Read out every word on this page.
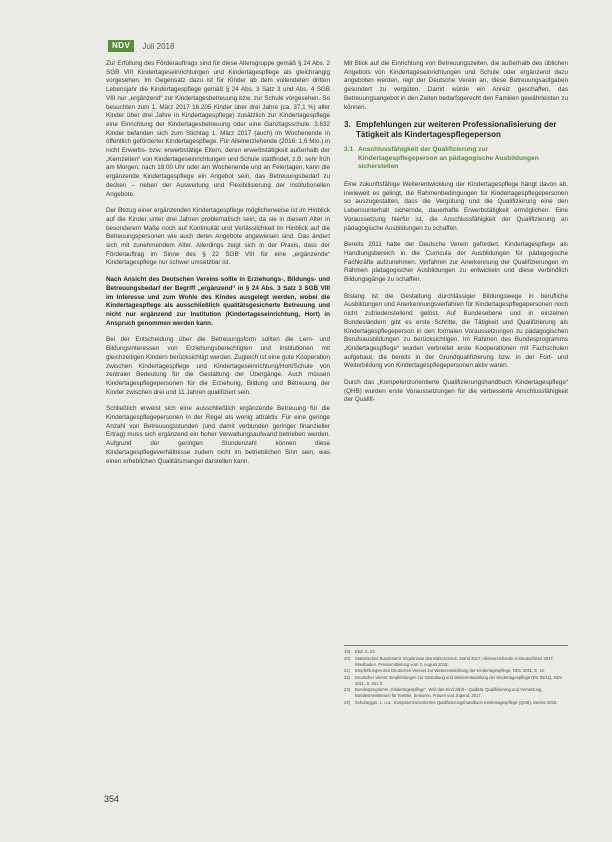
NDV	Juli 2018

Zur Erfüllung des Förderauftrags sind für diese Altersgruppe gemäß § 24 Abs. 2 SGB VIII Kindertageseinrichtungen und Kindertagespflege als gleichrangig vorgesehen. Im Gegensatz dazu ist für Kinder ab dem vollendeten dritten Lebensjahr die Kindertagespflege gemäß § 24 Abs. 3 Satz 3 und Abs. 4 SGB VIII nur „ergänzend“ zur Kindertagesbetreuung bzw. zur Schule vorgesehen. So besuchten zum 1. März 2017 16.205 Kinder über drei Jahre (ca. 37,1 %) aller Kinder über drei Jahre in Kindertagespflege) zusätzlich zur Kindertagespflege eine Einrichtung der Kindertagesbetreuung oder eine Ganztagsschule. 3.632 Kinder befanden sich zum Stichtag 1. März 2017 (auch) im Wochenende in öffentlich geförderter Kindertagespflege. Für Alleinerziehende (2016: 1,6 Mio.) in nicht Erwerbs- bzw. erwerbstätige Eltern, deren erwerbstätigkeit außerhalb der „Kernzeiten“ von Kindertageseinrichtungen und Schule stattfindet, z.B. sehr früh am Morgen, nach 18:00 Uhr oder am Wochenende und an Feiertagen, kann die ergänzende Kindertagespflege ein Angebot sein, das Betreuungsbedarf zu decken – neben der Ausweitung und Flexibilisierung der institutionellen Angebote.

Der Bezug einer ergänzenden Kindertagespflege möglicherweise ist im Hinblick auf die Kinder unter drei Jahren problematisch sein, da sie in diesem Alter in besonderem Maße noch auf Kontinuität und Verlässlichkeit im Hinblick auf die Betreuungspersonen wie auch deren Angebote angewiesen sind. Das ändert sich mit zunehmendem Alter. Allerdings zeigt sich in der Praxis, dass der Förderauftrag im Sinne des § 22 SGB VIII für eine „ergänzende“ Kindertagespflege nur schwer umsetzbar ist.

Nach Ansicht des Deutschen Vereins sollte in Erziehungs-, Bildungs- und Betreuungsbedarf der Begriff „ergänzend“ in § 24 Abs. 3 Satz 3 SGB VIII im Interesse und zum Wohle des Kindes ausgelegt werden, wobei die Kindertagespflege als ausschließlich qualitätsgesicherte Betreuung und nicht nur ergänzend zur Institution (Kindertageseinrichtung, Hort) in Anspruch genommen werden kann.

Bei der Entscheidung über die Betreuungsform sollten die Lern- und Bildungsinteressen von Erziehungsberechtigten und Institutionen mit gleichzeitigen Kindern berücksichtigt werden. Zugleich ist eine gute Kooperation zwischen Kindertagespflege und Kindertageseinrichtung/Hort/Schule von zentraler Bedeutung für die Gestaltung der Übergänge. Auch müssen Kindertagespflegepersonen für die Erziehung, Bildung und Betreuung der Kinder zwischen drei und 11 Jahren qualifiziert sein.

Schließlich erweist sich eine ausschließlich ergänzende Betreuung für die Kindertagespflegepersonen in der Regel als wenig attraktiv. Für eine geringe Anzahl von Betreuungsstunden (und damit verbunden geringer finanzieller Ertrag) muss sich ergänzend ein hoher Verwaltungsaufwand betrieben werden. Aufgrund der geringen Stundenzahl können diese Kindertagespflegeverhältnisse zudem nicht im betrieblichen Sinn sein, was einen erheblichen Qualitätsmangel darstellen kann.

Mit Blick auf die Einrichtung von Betreuungszeiten, die außerhalb des üblichen Angebots von Kindertageseinrichtungen und Schule oder ergänzend dazu angeboten werden, regt der Deutsche Verein an, diese Betreuungsaufgaben gesondert zu vergüten. Damit würde ein Anreiz geschaffen, das Betreuungsangebot in den Zeiten bedarfsgerecht den Familien gewährleisten zu können.

3. Empfehlungen zur weiteren Professionalisierung der Tätigkeit als Kindertagespflegeperson
3.1 Anschlussfähigkeit der Qualifizierung zur Kindertagespflegeperson an pädagogische Ausbildungen sicherstellen

Eine zukunftsfähige Weiterentwicklung der Kindertagespflege hängt davon ab, inwieweit es gelingt, die Rahmenbedingungen für Kindertagespflegepersonen so auszugestalten, dass die Vergütung und die Qualifizierung eine den Lebensunterhalt sichernde, dauerhafte Erwerbstätigkeit ermöglichen. Eine Voraussetzung hierfür ist, die Anschlussfähigkeit der Qualifizierung an pädagogische Ausbildungen zu schaffen.

Bereits 2011 hatte der Deutsche Verein gefordert, Kindertagespflege als Handlungsbereich in die Curricula der Ausbildungen für pädagogische Fachkräfte aufzunehmen. Verfahren zur Anerkennung der Qualifizierungen im Rahmen pädagogischer Ausbildungen zu entwickeln und diese verbindlich Bildungsgänge zu schaffen.

Bislang ist die Gestaltung durchlässiger Bildungswege in berufliche Ausbildungen und Anerkennungsverfahren für Kindertagespflegepersonen noch nicht zufriedenstellend gelöst. Auf Bundesebene und in einzelnen Bundesländern gibt es erste Schritte, die Tätigkeit und Qualifizierung als Kindertagespflegeperson in den formalen Voraussetzungen zu pädagogischen Berufsausbildungen zu berücksichtigen. Im Rahmen des Bundesprogramms „Kindertagespflege“ wurden verbreitet erste Kooperationen mit Fachschulen aufgebaut, die bereits in der Grundqualifizierung bzw. in der Fort- und Weiterbildung von Kindertagespflegepersonen aktiv waren.

Durch das „Kompetenzorientierte Qualifizierungshandbuch Kindertagespflege“ (QHB) wurden erste Voraussetzungen für die verbesserte Anschlussfähigkeit der Qualifi-

19)	Ebd. S. 23.
20)	Statistisches Bundesamt: Ergebnisse des Mikrozensus, Stand 2017; Alleinerziehende in Deutschland 2017, Wiesbaden, Pressemitteilung vom 2. August 2018.
21)	Empfehlungen des Deutschen Vereins zur Weiterentwicklung der Kindertagespflege, NDV 2011, S. 14.
22)	Deutscher Verein: Empfehlungen zur Gestaltung und Weiterentwicklung der Kindertagespflege (DV 05/11), NDV 2011, S. 341 ff.
23)	Bundesprogramm „Kindertagespflege“, Weil das Kind zählt – Qualität, Qualifizierung und Vernetzung, Bundesministerium für Familie, Senioren, Frauen und Jugend, 2017.
24)	Schuhegger, L. u.a.: Kompetenzorientiertes Qualifizierungshandbuch Kindertagespflege (QHB), Seelze 2015.
354
